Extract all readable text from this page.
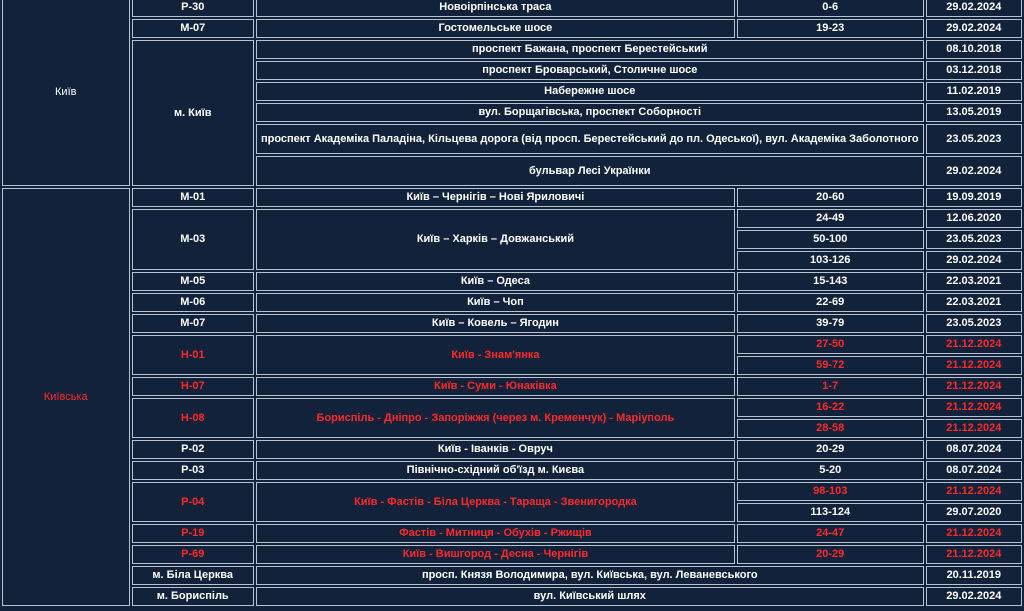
Київ	Р-30	Новоірпінська траса	0-6	29.02.2024
	М-07	Гостомельське шосе	19-23	29.02.2024
	м. Київ	проспект Бажана, проспект Берестейський		08.10.2018
		проспект Броварський, Столичне шосе		03.12.2018
		Набережне шосе		11.02.2019
		вул. Борщагівська, проспект Соборності		13.05.2019
		проспект Академіка Паладіна, Кільцева дорога (від просп. Берестейський до пл. Одеської), вул. Академіка Заболотного		23.05.2023
		бульвар Лесі Українки		29.02.2024
Київська	М-01	Київ – Чернігів – Нові Яриловичі	20-60	19.09.2019
	М-03	Київ – Харків – Довжанський	24-49	12.06.2020
			50-100	23.05.2023
			103-126	29.02.2024
	М-05	Київ – Одеса	15-143	22.03.2021
	М-06	Київ – Чоп	22-69	22.03.2021
	М-07	Київ – Ковель – Ягодин	39-79	23.05.2023
	Н-01	Київ - Знам'янка	27-50	21.12.2024
			59-72	21.12.2024
	Н-07	Київ - Суми - Юнаківка	1-7	21.12.2024
	Н-08	Бориспіль - Дніпро - Запоріжжя (через м. Кременчук) - Маріуполь	16-22	21.12.2024
			28-58	21.12.2024
	Р-02	Київ - Іванків - Овруч	20-29	08.07.2024
	Р-03	Північно-східний об'їзд м. Києва	5-20	08.07.2024
	Р-04	Київ - Фастів - Біла Церква - Тараща - Звенигородка	98-103	21.12.2024
			113-124	29.07.2020
	Р-19	Фастів - Митниця - Обухів - Ржищів	24-47	21.12.2024
	Р-69	Київ - Вишгород - Десна - Чернігів	20-29	21.12.2024
	м. Біла Церква	просп. Князя Володимира, вул. Київська, вул. Леваневського		20.11.2019
	м. Бориспіль	вул. Київський шлях		29.02.2024
